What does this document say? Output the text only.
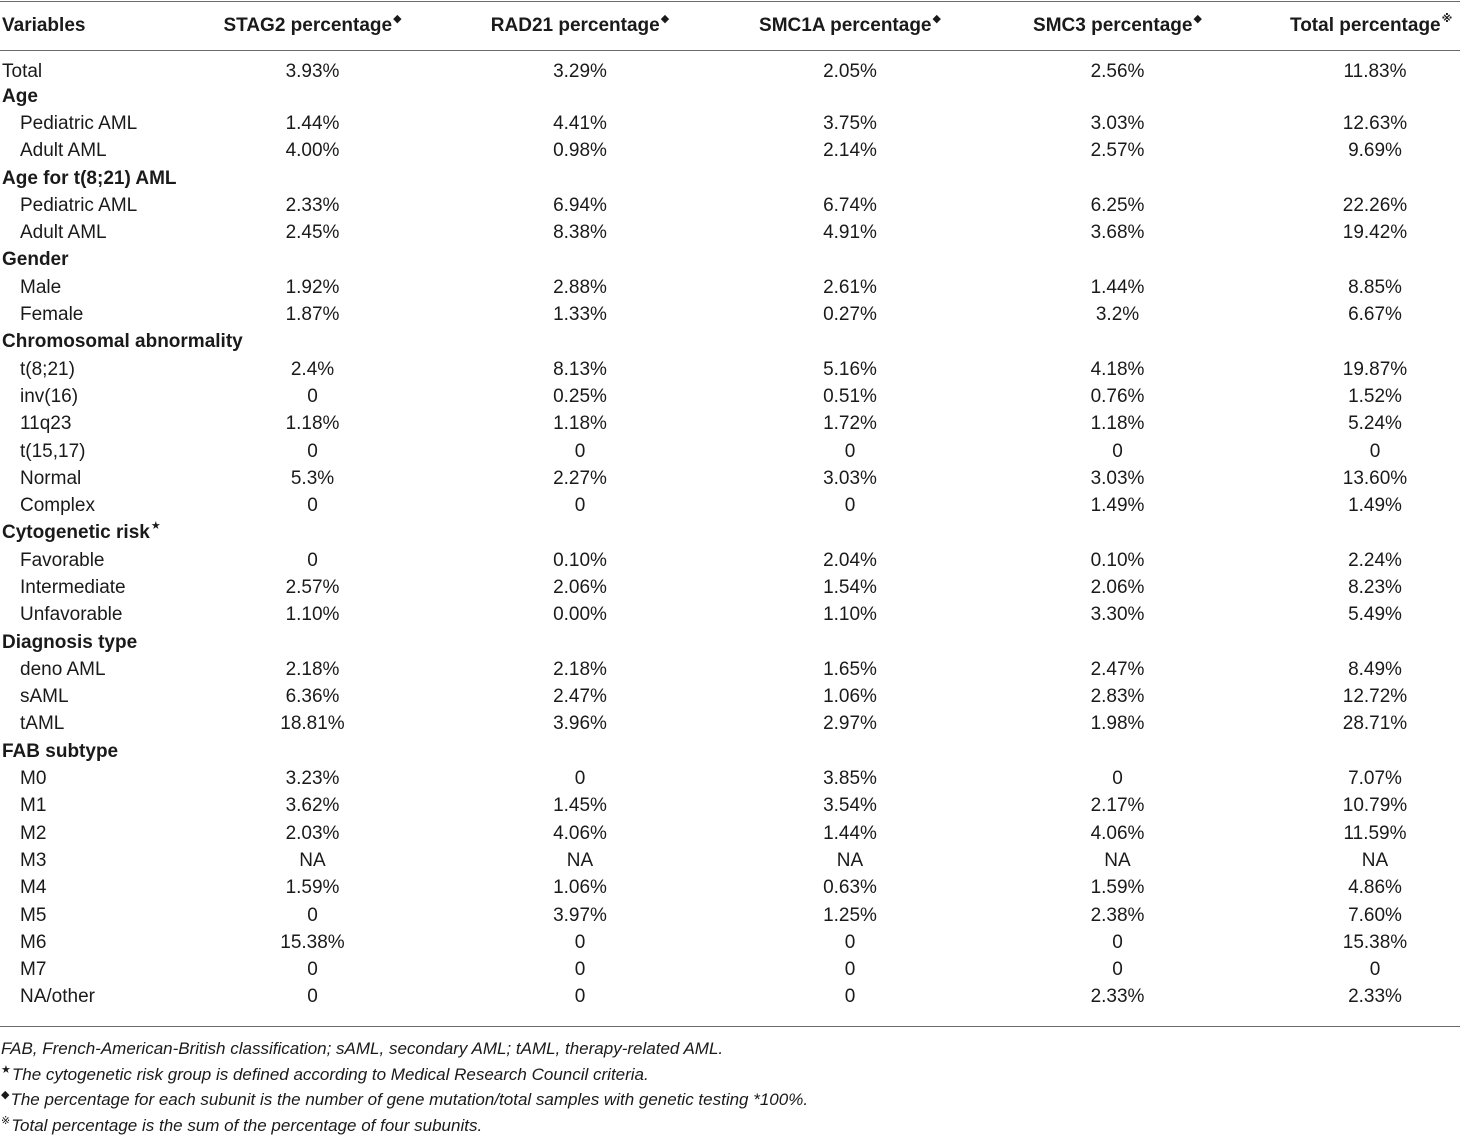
Variables	STAG2 percentage◆	RAD21 percentage◆	SMC1A percentage◆	SMC3 percentage◆	Total percentage※
Total	3.93%	3.29%	2.05%	2.56%	11.83%
Age					
Pediatric AML	1.44%	4.41%	3.75%	3.03%	12.63%
Adult AML	4.00%	0.98%	2.14%	2.57%	9.69%
Age for t(8;21) AML					
Pediatric AML	2.33%	6.94%	6.74%	6.25%	22.26%
Adult AML	2.45%	8.38%	4.91%	3.68%	19.42%
Gender					
Male	1.92%	2.88%	2.61%	1.44%	8.85%
Female	1.87%	1.33%	0.27%	3.2%	6.67%
Chromosomal abnormality					
t(8;21)	2.4%	8.13%	5.16%	4.18%	19.87%
inv(16)	0	0.25%	0.51%	0.76%	1.52%
11q23	1.18%	1.18%	1.72%	1.18%	5.24%
t(15,17)	0	0	0	0	0
Normal	5.3%	2.27%	3.03%	3.03%	13.60%
Complex	0	0	0	1.49%	1.49%
Cytogenetic risk★
Favorable	0	0.10%	2.04%	0.10%	2.24%
Intermediate	2.57%	2.06%	1.54%	2.06%	8.23%
Unfavorable	1.10%	0.00%	1.10%	3.30%	5.49%
Diagnosis type					
deno AML	2.18%	2.18%	1.65%	2.47%	8.49%
sAML	6.36%	2.47%	1.06%	2.83%	12.72%
tAML	18.81%	3.96%	2.97%	1.98%	28.71%
FAB subtype					
M0	3.23%	0	3.85%	0	7.07%
M1	3.62%	1.45%	3.54%	2.17%	10.79%
M2	2.03%	4.06%	1.44%	4.06%	11.59%
M3	NA	NA	NA	NA	NA
M4	1.59%	1.06%	0.63%	1.59%	4.86%
M5	0	3.97%	1.25%	2.38%	7.60%
M6	15.38%	0	0	0	15.38%
M7	0	0	0	0	0
NA/other	0	0	0	2.33%	2.33%
FAB, French-American-British classification; sAML, secondary AML; tAML, therapy-related AML.
★The cytogenetic risk group is defined according to Medical Research Council criteria.
◆The percentage for each subunit is the number of gene mutation/total samples with genetic testing *100%.
※Total percentage is the sum of the percentage of four subunits.
